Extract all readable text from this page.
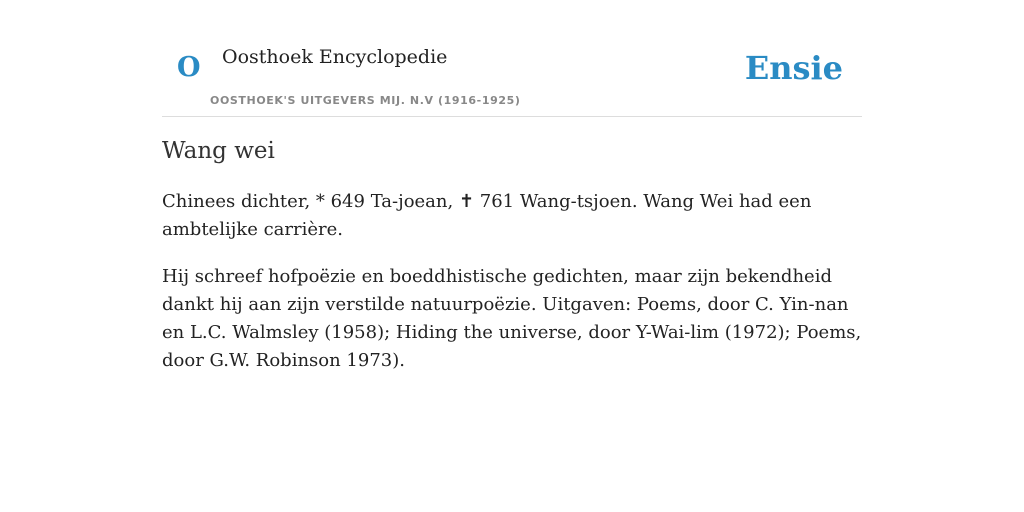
O Oosthoek Encyclopedie
OOSTHOEK'S UITGEVERS MIJ. N.V (1916-1925)
Ensie
Wang wei

Chinees dichter, * 649 Ta-joean, ✝ 761 Wang-tsjoen. Wang Wei had een ambtelijke carrière.

Hij schreef hofpoëzie en boeddhistische gedichten, maar zijn bekendheid dankt hij aan zijn verstilde natuurpoëzie. Uitgaven: Poems, door C. Yin-nan en L.C. Walmsley (1958); Hiding the universe, door Y-Wai-lim (1972); Poems, door G.W. Robinson 1973).
